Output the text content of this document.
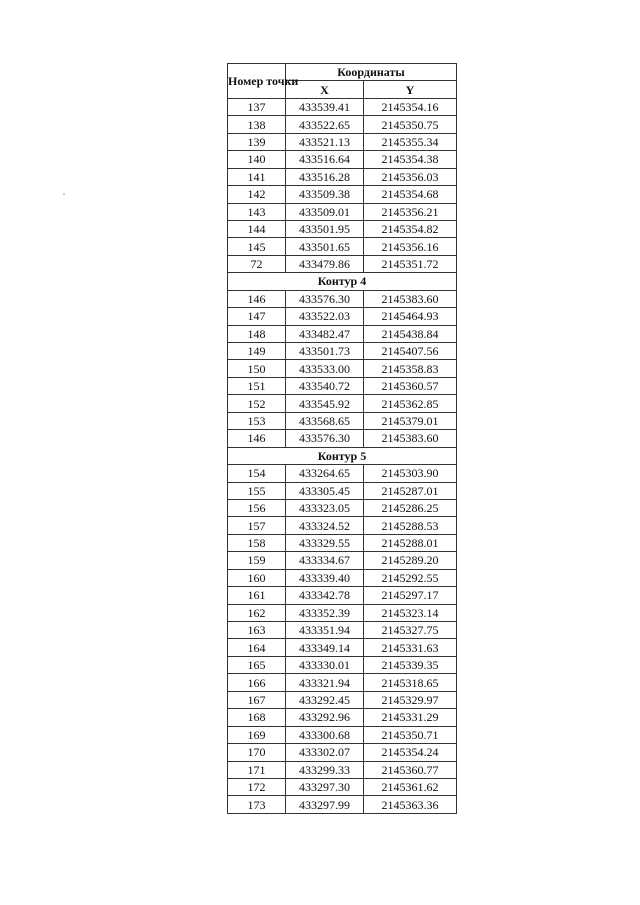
Номер точки	Координаты	
	X	Y
137	433539.41	2145354.16
138	433522.65	2145350.75
139	433521.13	2145355.34
140	433516.64	2145354.38
141	433516.28	2145356.03
142	433509.38	2145354.68
143	433509.01	2145356.21
144	433501.95	2145354.82
145	433501.65	2145356.16
72	433479.86	2145351.72
Контур 4		
146	433576.30	2145383.60
147	433522.03	2145464.93
148	433482.47	2145438.84
149	433501.73	2145407.56
150	433533.00	2145358.83
151	433540.72	2145360.57
152	433545.92	2145362.85
153	433568.65	2145379.01
146	433576.30	2145383.60
Контур 5		
154	433264.65	2145303.90
155	433305.45	2145287.01
156	433323.05	2145286.25
157	433324.52	2145288.53
158	433329.55	2145288.01
159	433334.67	2145289.20
160	433339.40	2145292.55
161	433342.78	2145297.17
162	433352.39	2145323.14
163	433351.94	2145327.75
164	433349.14	2145331.63
165	433330.01	2145339.35
166	433321.94	2145318.65
167	433292.45	2145329.97
168	433292.96	2145331.29
169	433300.68	2145350.71
170	433302.07	2145354.24
171	433299.33	2145360.77
172	433297.30	2145361.62
173	433297.99	2145363.36
